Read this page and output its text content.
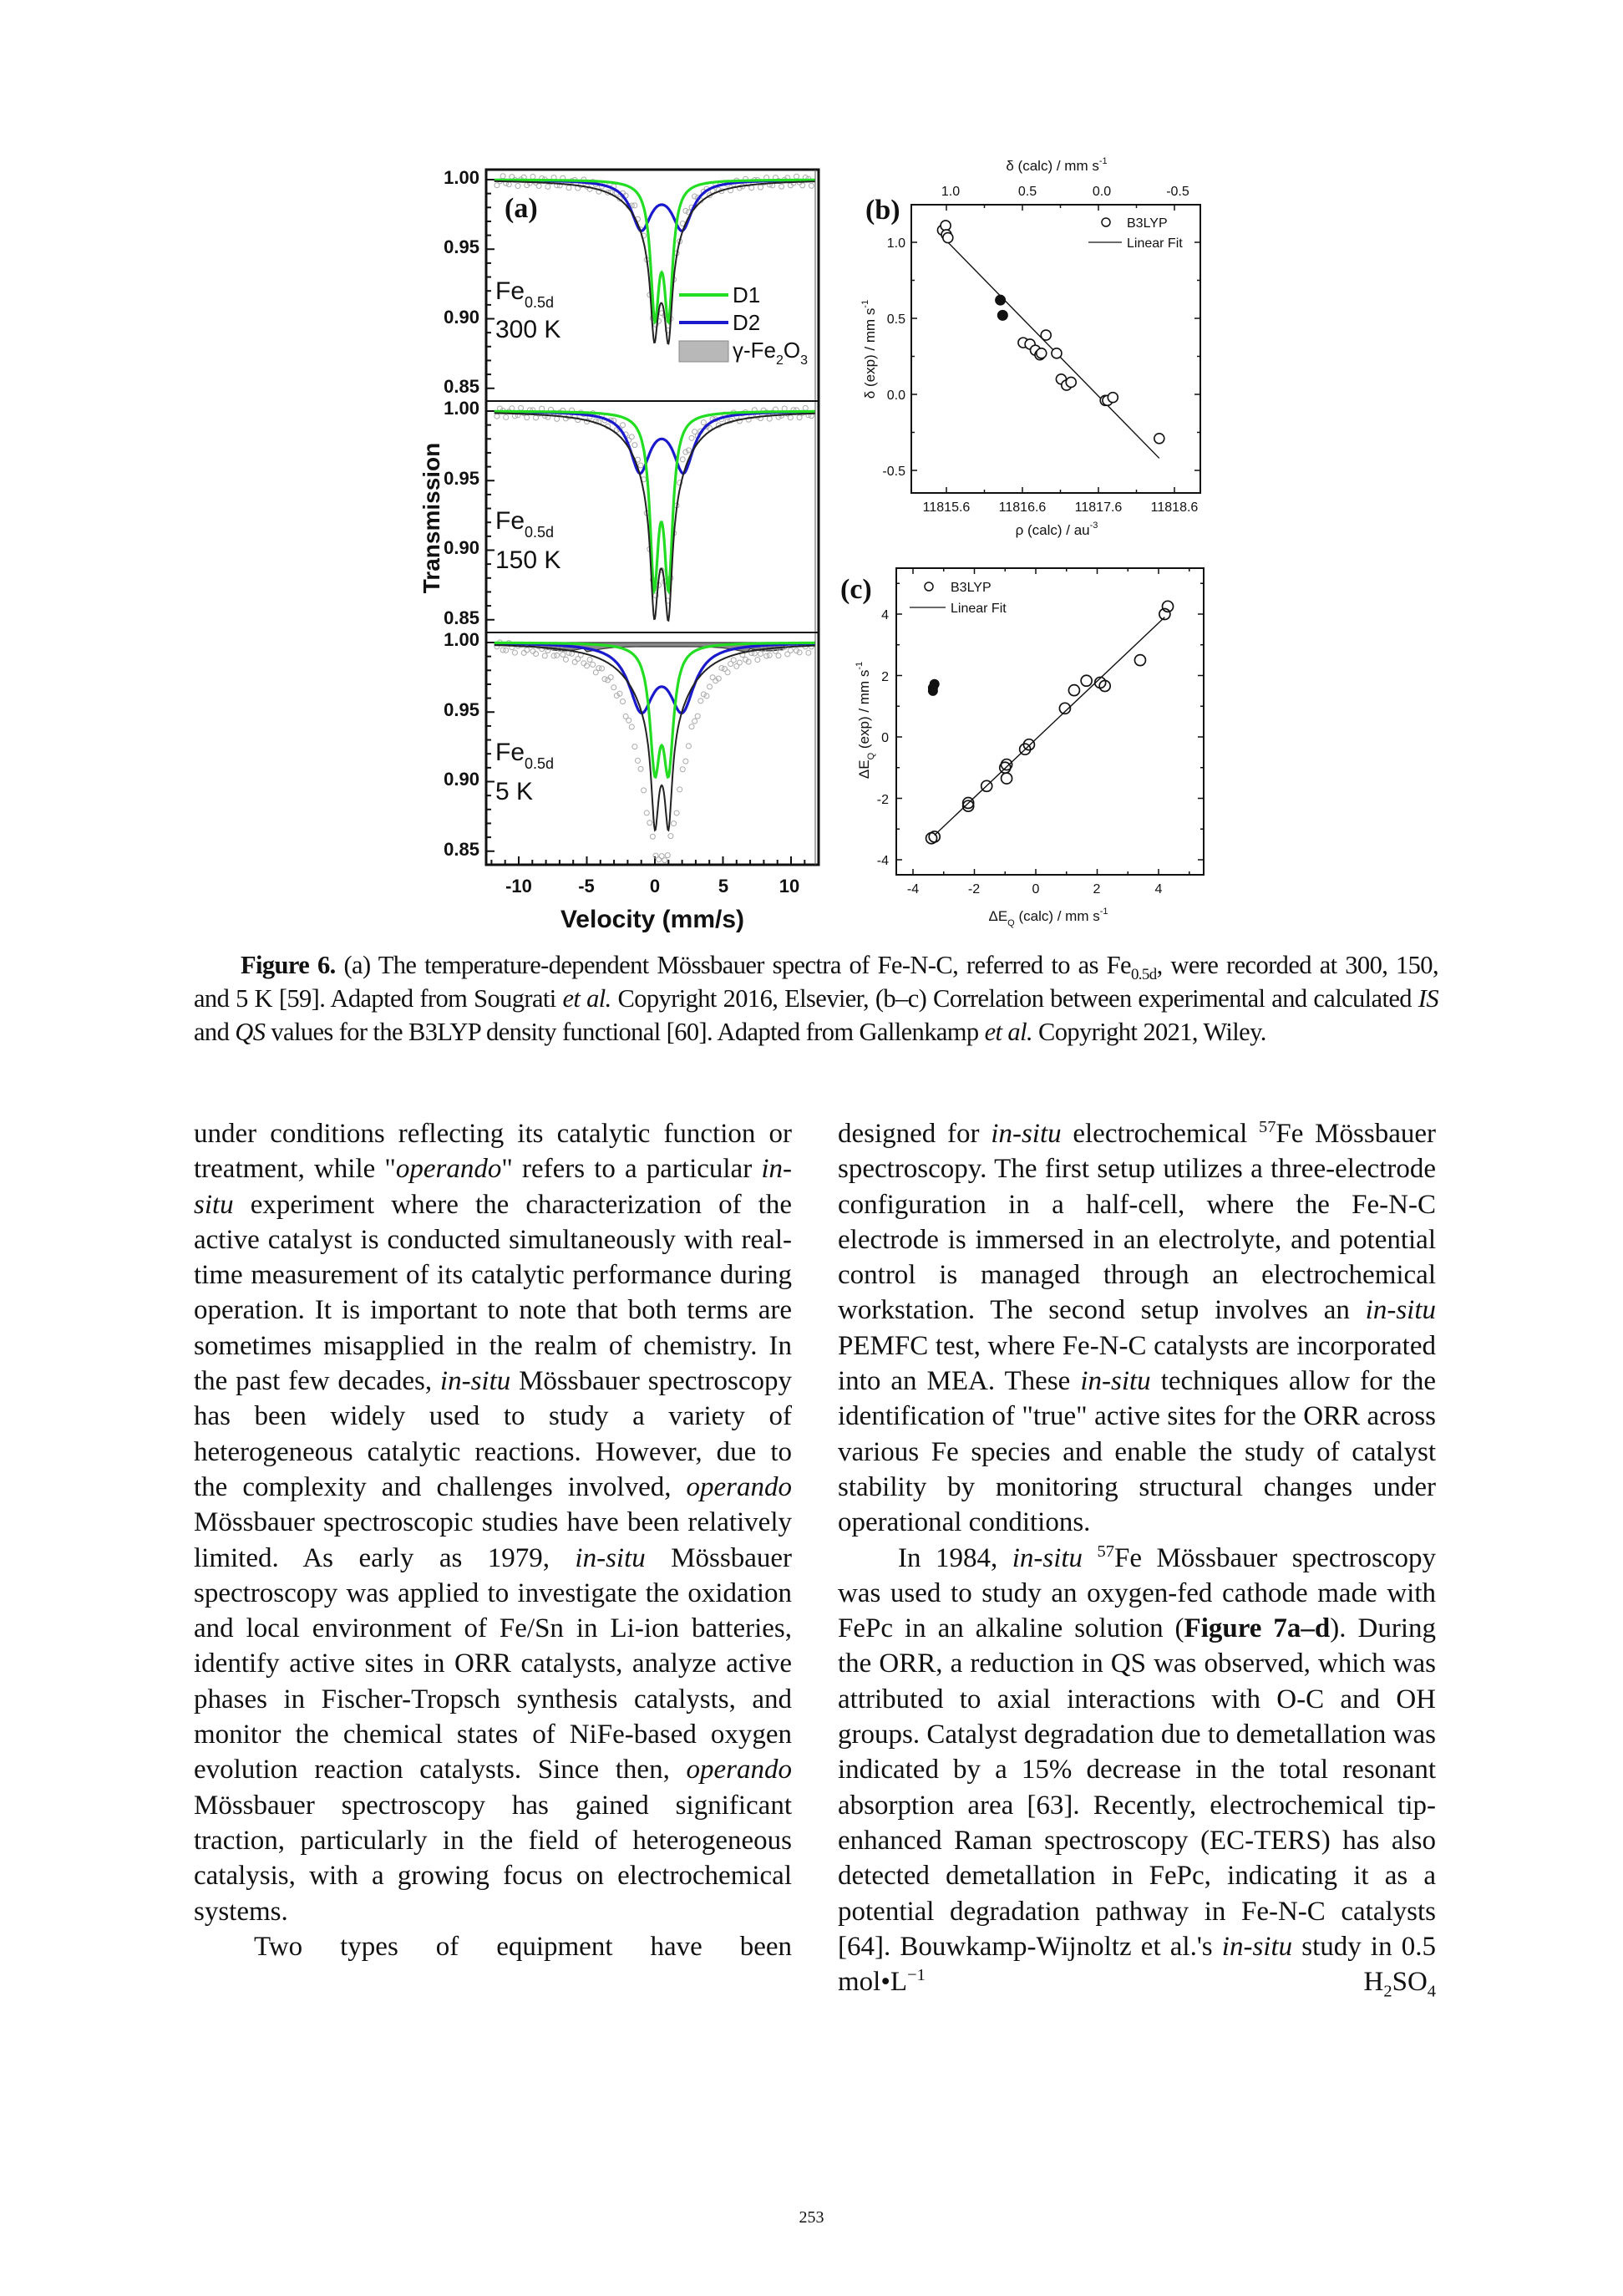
1.00
0.95
0.90
0.85
1.00
0.95
0.90
0.85
1.00
0.95
0.90
0.85
-10	-5	0	5	10
Velocity (mm/s)
Transmission
(a)
$Fe_{0.5d}$
300 K
$Fe_{0.5d}$
150 K
$Fe_{0.5d}$
5 K
D1
D2
$\gamma-Fe_2O_3$
δ (calc) / mm $s^{-1}$
1.0	0.5	0.0	-0.5
11815.6 11816.6 11817.6 11818.6
ρ (calc) / $au^{-3}$
1.0
0.5
0.0
-0.5
δ (exp) / mm $s^{-1}$
(b)	B3LYP
Linear Fit
-4	-2	0	2	4
$\Delta E_Q$ (calc) / mm $s^{-1}$
4
2
0
-2
-4
$\Delta E_Q$ (exp) / mm $s^{-1}$
(c)	B3LYP
Linear Fit
Figure 6. (a) The temperature-dependent Mössbauer spectra of Fe-N-C, referred to as $Fe_{0.5d}$, were recorded at 300, 150, and 5 K [59]. Adapted from Sougrati et al. Copyright 2016, Elsevier, (b–c) Correlation between experimental and calculated IS and QS values for the B3LYP density functional [60]. Adapted from Gallenkamp et al. Copyright 2021, Wiley.

under conditions reflecting its catalytic function or treatment, while "operando" refers to a particular in-situ experiment where the characterization of the active catalyst is conducted simultaneously with real-time measurement of its catalytic performance during operation. It is important to note that both terms are sometimes misapplied in the realm of chemistry. In the past few decades, in-situ Mössbauer spectroscopy has been widely used to study a variety of heterogeneous catalytic reactions. However, due to the complexity and challenges involved, operando Mössbauer spectroscopic studies have been relatively limited. As early as 1979, in-situ Mössbauer spectroscopy was applied to investigate the oxidation and local environment of Fe/Sn in Li-ion batteries, identify active sites in ORR catalysts, analyze active phases in Fischer-Tropsch synthesis catalysts, and monitor the chemical states of NiFe-based oxygen evolution reaction catalysts. Since then, operando Mössbauer spectroscopy has gained significant traction, particularly in the field of heterogeneous catalysis, with a growing focus on electrochemical systems.

Two types of equipment have been

designed for in-situ electrochemical $^{57}$Fe Mössbauer spectroscopy. The first setup utilizes a three-electrode configuration in a half-cell, where the Fe-N-C electrode is immersed in an electrolyte, and potential control is managed through an electrochemical workstation. The second setup involves an in-situ PEMFC test, where Fe-N-C catalysts are incorporated into an MEA. These in-situ techniques allow for the identification of "true" active sites for the ORR across various Fe species and enable the study of catalyst stability by monitoring structural changes under operational conditions.

In 1984, in-situ $^{57}$Fe Mössbauer spectroscopy was used to study an oxygen-fed cathode made with FePc in an alkaline solution (Figure 7a–d). During the ORR, a reduction in QS was observed, which was attributed to axial interactions with O-C and OH groups. Catalyst degradation due to demetallation was indicated by a 15% decrease in the total resonant absorption area [63]. Recently, electrochemical tip-enhanced Raman spectroscopy (EC-TERS) has also detected demetallation in FePc, indicating it as a potential degradation pathway in Fe-N-C catalysts [64]. Bouwkamp-Wijnoltz et al.'s in-situ study in 0.5 $mol•L^{-1}$ $H_2SO_4$

253
